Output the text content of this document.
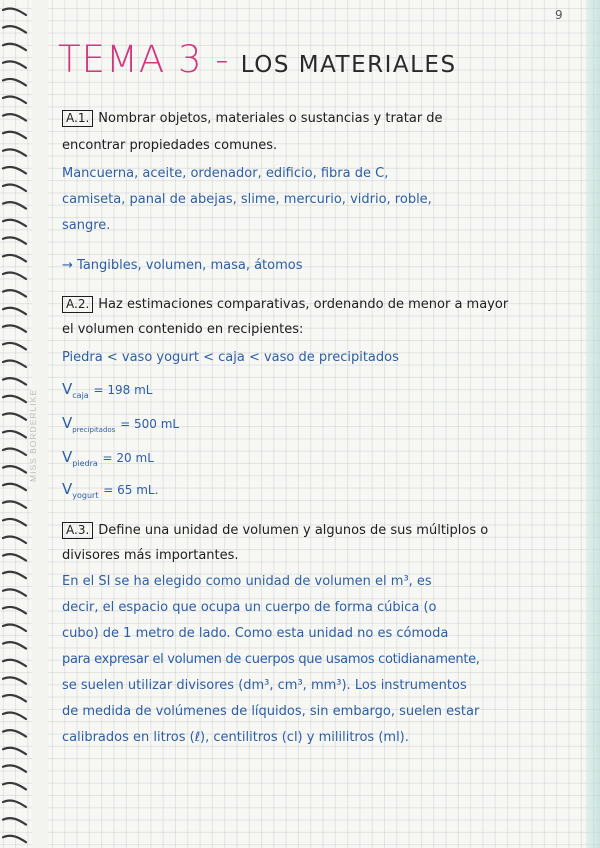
MISS BORDERLIKE
9
TEMA 3 - LOS MATERIALES
A.1. Nombrar objetos, materiales o sustancias y tratar de
encontrar propiedades comunes.
Mancuerna, aceite, ordenador, edificio, fibra de C,
camiseta, panal de abejas, slime, mercurio, vidrio, roble,
sangre.
→ Tangibles, volumen, masa, átomos
A.2. Haz estimaciones comparativas, ordenando de menor a mayor
el volumen contenido en recipientes:
Piedra < vaso yogurt < caja < vaso de precipitados
$V_{caja} = 198$ mL
$V_{precipitados} = 500$ mL
$V_{piedra} = 20$ mL
$V_{yogurt} = 65$ mL.
A.3. Define una unidad de volumen y algunos de sus múltiplos o
divisores más importantes.
En el SI se ha elegido como unidad de volumen el m³, es
decir, el espacio que ocupa un cuerpo de forma cúbica (o
cubo) de 1 metro de lado. Como esta unidad no es cómoda
para expresar el volumen de cuerpos que usamos cotidianamente,
se suelen utilizar divisores (dm³, cm³, mm³). Los instrumentos
de medida de volúmenes de líquidos, sin embargo, suelen estar
calibrados en litros (ℓ), centilitros (cl) y mililitros (ml).
